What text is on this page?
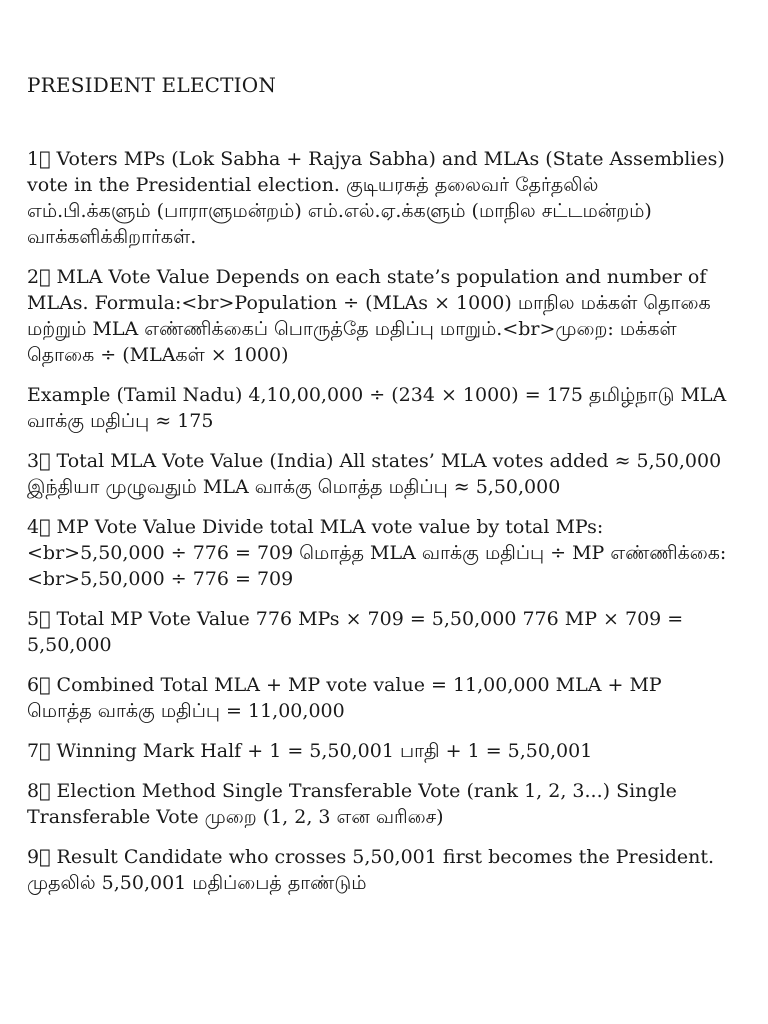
PRESIDENT ELECTION

1⃣ Voters MPs (Lok Sabha + Rajya Sabha) and MLAs (State Assemblies) vote in the Presidential election. குடியரசுத் தலைவர் தேர்தலில் எம்.பி.க்களும் (பாராளுமன்றம்) எம்.எல்.ஏ.க்களும் (மாநில சட்டமன்றம்) வாக்களிக்கிறார்கள்.

2⃣ MLA Vote Value Depends on each state’s population and number of MLAs. Formula:<br>Population ÷ (MLAs × 1000) மாநில மக்கள் தொகை மற்றும் MLA எண்ணிக்கைப் பொருத்தே மதிப்பு மாறும்.<br>முறை: மக்கள் தொகை ÷ (MLAகள் × 1000)

Example (Tamil Nadu) 4,10,00,000 ÷ (234 × 1000) = 175 தமிழ்நாடு MLA வாக்கு மதிப்பு ≈ 175

3⃣ Total MLA Vote Value (India) All states’ MLA votes added ≈ 5,50,000 இந்தியா முழுவதும் MLA வாக்கு மொத்த மதிப்பு ≈ 5,50,000

4⃣ MP Vote Value Divide total MLA vote value by total MPs: <br>5,50,000 ÷ 776 = 709 மொத்த MLA வாக்கு மதிப்பு ÷ MP எண்ணிக்கை:<br>5,50,000 ÷ 776 = 709

5⃣ Total MP Vote Value 776 MPs × 709 = 5,50,000 776 MP × 709 = 5,50,000

6⃣ Combined Total MLA + MP vote value = 11,00,000 MLA + MP மொத்த வாக்கு மதிப்பு = 11,00,000

7⃣ Winning Mark Half + 1 = 5,50,001 பாதி + 1 = 5,50,001

8⃣ Election Method Single Transferable Vote (rank 1, 2, 3...) Single Transferable Vote முறை (1, 2, 3 என வரிசை)

9⃣ Result Candidate who crosses 5,50,001 first becomes the President. முதலில் 5,50,001 மதிப்பைத் தாண்டும்
